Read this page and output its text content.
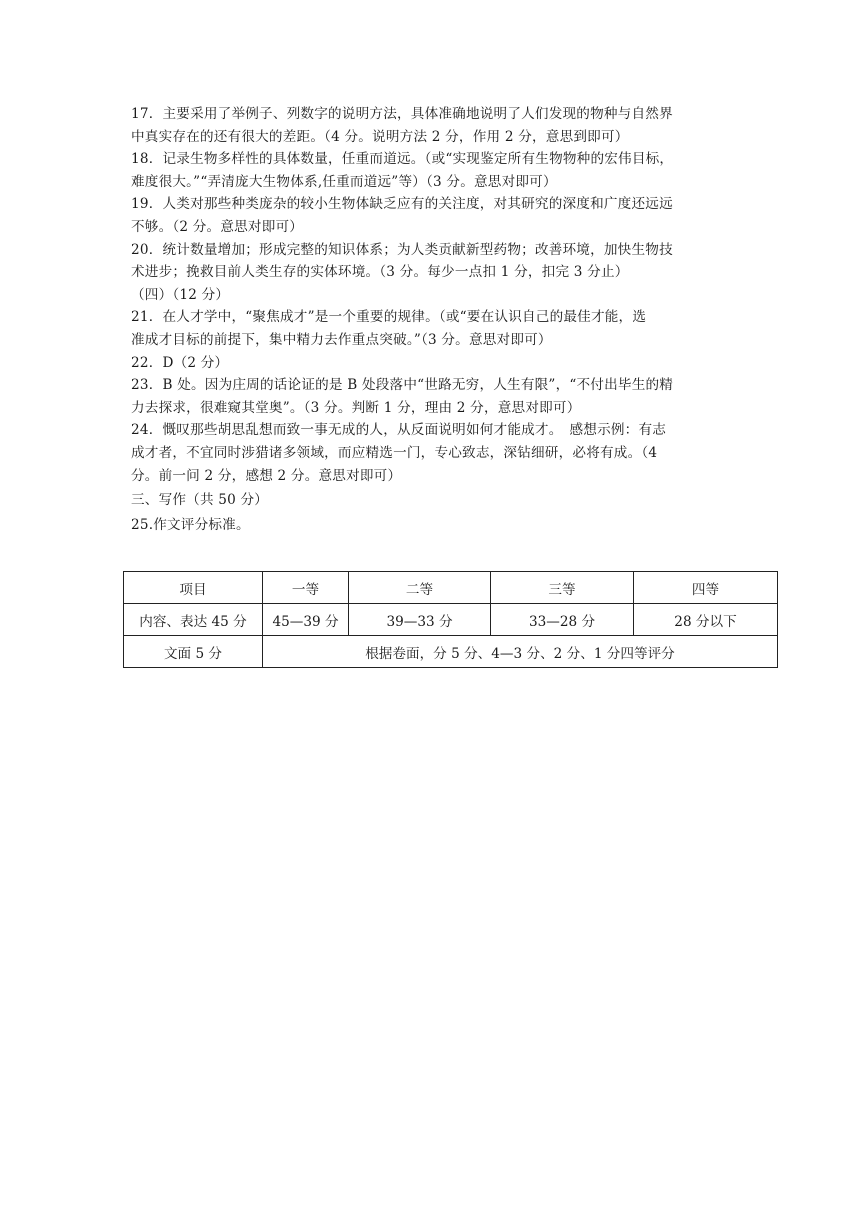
17．主要采用了举例子、列数字的说明方法，具体准确地说明了人们发现的物种与自然界
中真实存在的还有很大的差距。（4 分。说明方法 2 分，作用 2 分，意思到即可）
18．记录生物多样性的具体数量，任重而道远。（或“实现鉴定所有生物物种的宏伟目标，
难度很大。”“弄清庞大生物体系,任重而道远”等）（3 分。意思对即可）
19．人类对那些种类庞杂的较小生物体缺乏应有的关注度，对其研究的深度和广度还远远
不够。（2 分。意思对即可）
20．统计数量增加；形成完整的知识体系；为人类贡献新型药物；改善环境，加快生物技
术进步；挽救目前人类生存的实体环境。（3 分。每少一点扣 1 分，扣完 3 分止）
（四）（12 分）
21．在人才学中，“聚焦成才”是一个重要的规律。（或“要在认识自己的最佳才能，选
准成才目标的前提下，集中精力去作重点突破。”（3 分。意思对即可）
22．D（2 分）
23．B 处。因为庄周的话论证的是 B 处段落中“世路无穷，人生有限”，“不付出毕生的精
力去探求，很难窥其堂奥”。（3 分。判断 1 分，理由 2 分，意思对即可）
24．慨叹那些胡思乱想而致一事无成的人，从反面说明如何才能成才。　感想示例：有志
成才者，不宜同时涉猎诸多领域，而应精选一门，专心致志，深钻细研，必将有成。（4
分。前一问 2 分，感想 2 分。意思对即可）
三、写作（共 50 分）
25.作文评分标准。
项目	一等	二等	三等	四等
内容、表达 45 分	45—39 分	39—33 分	33—28 分	28 分以下
文面 5 分	根据卷面，分 5 分、4—3 分、2 分、1 分四等评分			
